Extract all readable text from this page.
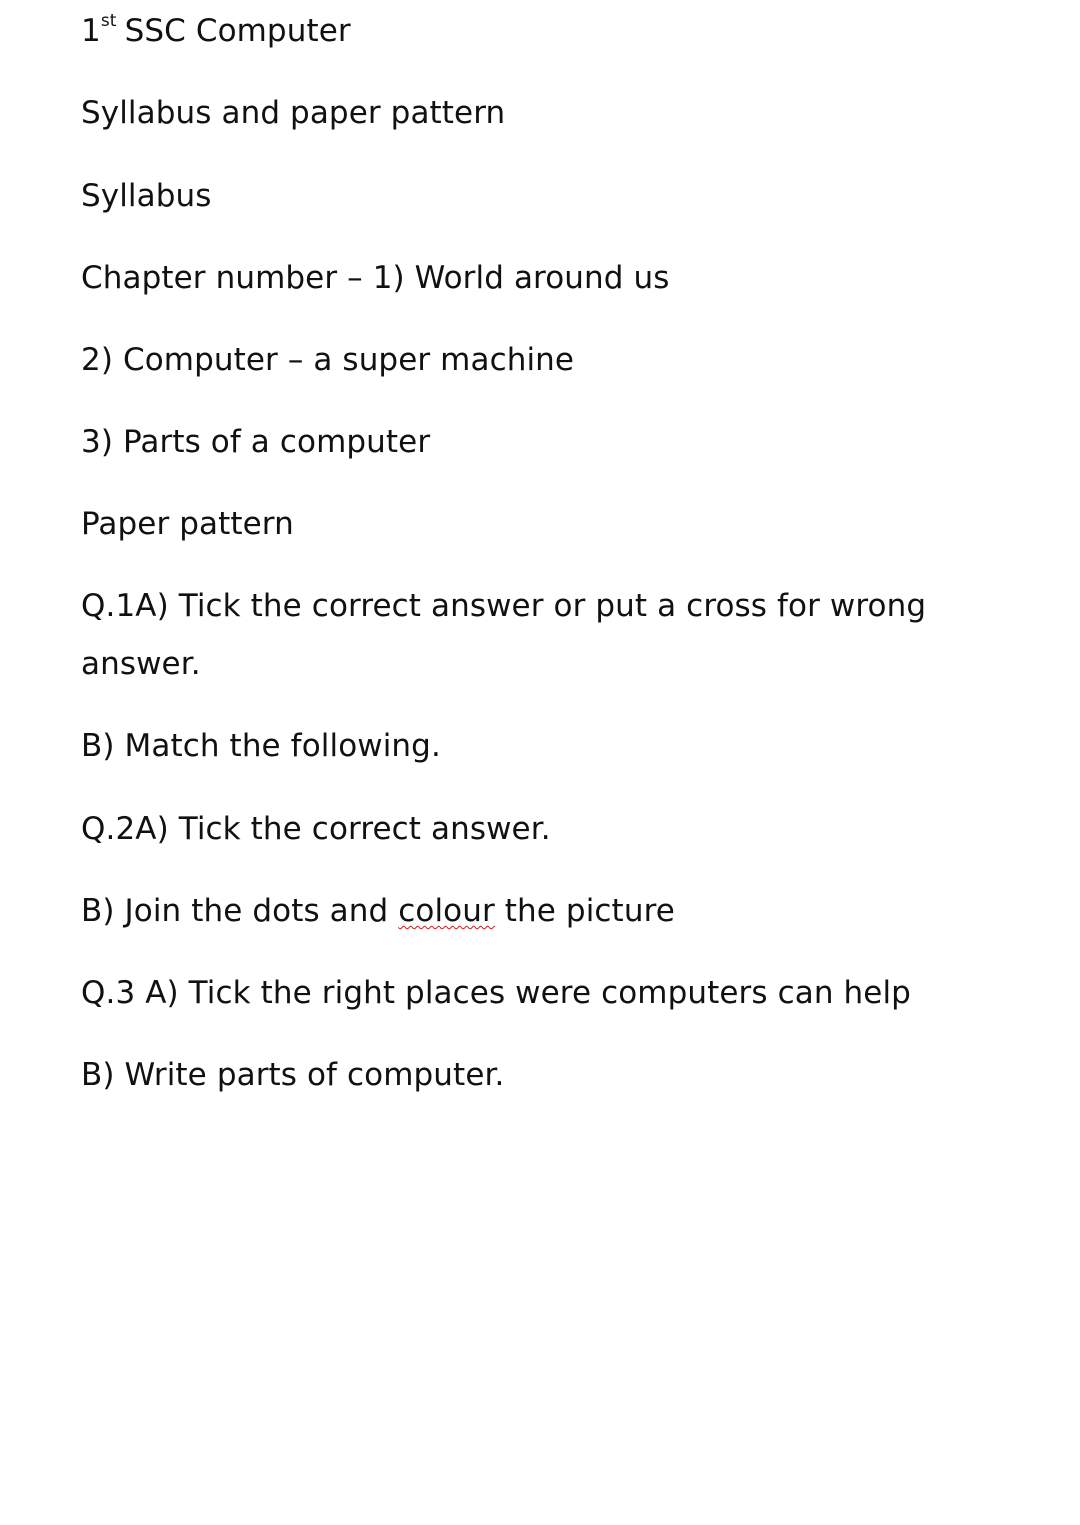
1st SSC Computer
Syllabus and paper pattern
Syllabus
Chapter number – 1) World around us
2) Computer – a super machine
3) Parts of a computer
Paper pattern
Q.1A) Tick the correct answer or put a cross for wrong
answer.
B) Match the following.
Q.2A) Tick the correct answer.
B) Join the dots and colour the picture
Q.3 A) Tick the right places were computers can help
B) Write parts of computer.
